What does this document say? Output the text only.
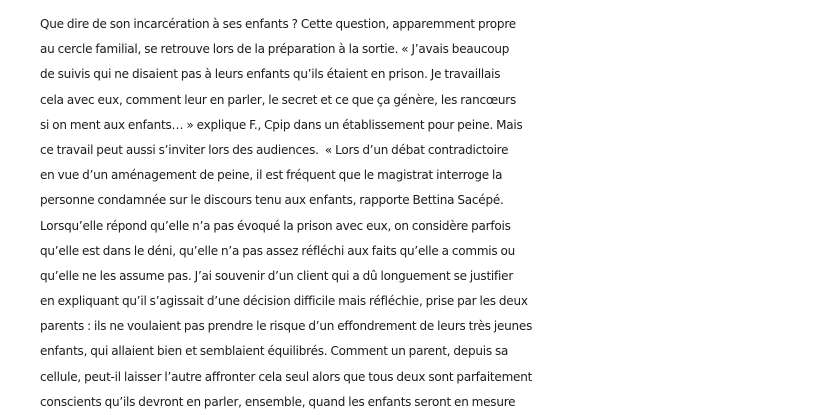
Que dire de son incarcération à ses enfants ? Cette question, apparemment propre
au cercle familial, se retrouve lors de la préparation à la sortie. « J’avais beaucoup
de suivis qui ne disaient pas à leurs enfants qu’ils étaient en prison. Je travaillais
cela avec eux, comment leur en parler, le secret et ce que ça génère, les rancœurs
si on ment aux enfants… » explique F., Cpip dans un établissement pour peine. Mais
ce travail peut aussi s’inviter lors des audiences.  « Lors d’un débat contradictoire
en vue d’un aménagement de peine, il est fréquent que le magistrat interroge la
personne condamnée sur le discours tenu aux enfants, rapporte Bettina Sacépé.
Lorsqu’elle répond qu’elle n’a pas évoqué la prison avec eux, on considère parfois
qu’elle est dans le déni, qu’elle n’a pas assez réfléchi aux faits qu’elle a commis ou
qu’elle ne les assume pas. J’ai souvenir d’un client qui a dû longuement se justifier
en expliquant qu’il s’agissait d’une décision difficile mais réfléchie, prise par les deux
parents : ils ne voulaient pas prendre le risque d’un effondrement de leurs très jeunes
enfants, qui allaient bien et semblaient équilibrés. Comment un parent, depuis sa
cellule, peut-il laisser l’autre affronter cela seul alors que tous deux sont parfaitement
conscients qu’ils devront en parler, ensemble, quand les enfants seront en mesure
